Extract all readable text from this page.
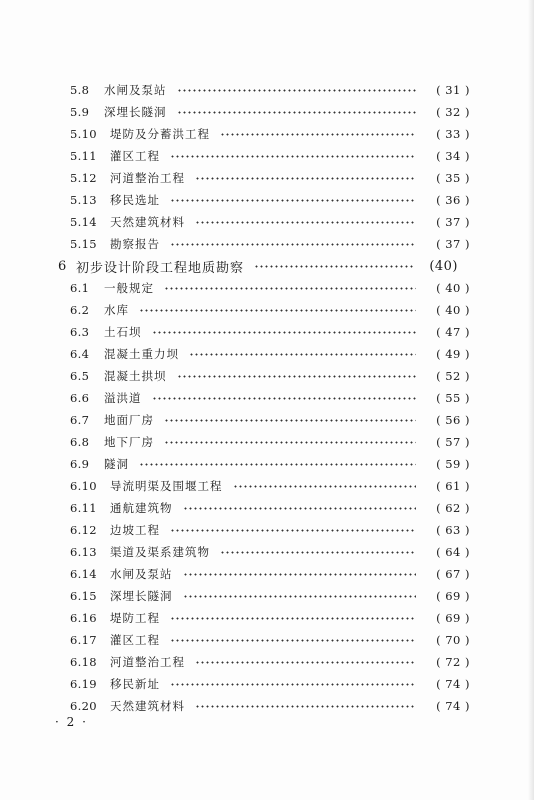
5.8	水闸及泵站	( 31 )
5.9	深埋长隧洞	( 32 )
5.10	堤防及分蓄洪工程	( 33 )
5.11	灌区工程	( 34 )
5.12	河道整治工程	( 35 )
5.13	移民选址	( 36 )
5.14	天然建筑材料	( 37 )
5.15	勘察报告	( 37 )
6 初步设计阶段工程地质勘察	(40)
6.1	一般规定	( 40 )
6.2	水库	( 40 )
6.3	土石坝	( 47 )
6.4	混凝土重力坝	( 49 )
6.5	混凝土拱坝	( 52 )
6.6	溢洪道	( 55 )
6.7	地面厂房	( 56 )
6.8	地下厂房	( 57 )
6.9	隧洞	( 59 )
6.10	导流明渠及围堰工程	( 61 )
6.11	通航建筑物	( 62 )
6.12	边坡工程	( 63 )
6.13	渠道及渠系建筑物	( 64 )
6.14	水闸及泵站	( 67 )
6.15	深埋长隧洞	( 69 )
6.16	堤防工程	( 69 )
6.17	灌区工程	( 70 )
6.18	河道整治工程	( 72 )
6.19	移民新址	( 74 )
6.20	天然建筑材料	( 74 )
· 2 ·
